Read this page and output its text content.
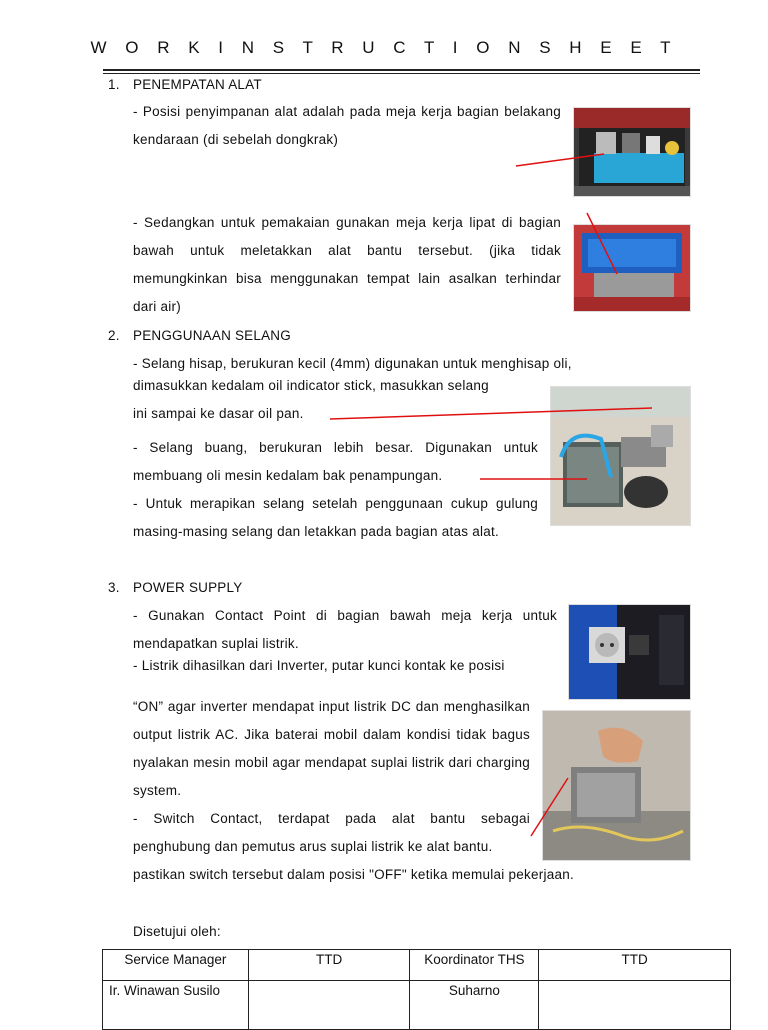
W O R K I N S T R U C T I O N S H E E T
1. PENEMPATAN ALAT
- Posisi penyimpanan alat adalah pada meja kerja bagian belakang kendaraan (di sebelah dongkrak)
- Sedangkan untuk pemakaian gunakan meja kerja lipat di bagian bawah untuk meletakkan alat bantu tersebut. (jika tidak memungkinkan bisa menggunakan tempat lain asalkan terhindar dari air)
2. PENGGUNAAN SELANG
- Selang hisap, berukuran kecil (4mm) digunakan untuk menghisap oli,
dimasukkan kedalam oil indicator stick, masukkan selang
ini sampai ke dasar oil pan.
- Selang buang, berukuran lebih besar. Digunakan untuk membuang oli mesin kedalam bak penampungan.
- Untuk merapikan selang setelah penggunaan cukup gulung masing-masing selang dan letakkan pada bagian atas alat.
3. POWER SUPPLY
- Gunakan Contact Point di bagian bawah meja kerja untuk mendapatkan suplai listrik.
- Listrik dihasilkan dari Inverter, putar kunci kontak ke posisi
“ON” agar inverter mendapat input listrik DC dan menghasilkan output listrik AC. Jika baterai mobil dalam kondisi tidak bagus nyalakan mesin mobil agar mendapat suplai listrik dari charging system.
- Switch Contact, terdapat pada alat bantu sebagai penghubung dan pemutus arus suplai listrik ke alat bantu.
pastikan switch tersebut dalam posisi "OFF" ketika memulai pekerjaan.
Disetujui oleh:
Service Manager	TTD	Koordinator THS	TTD
Ir. Winawan Susilo		Suharno	
